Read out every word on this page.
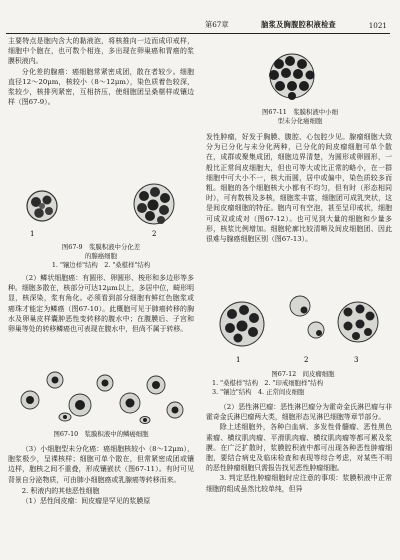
第67章	脑浆及胸腹腔积液检查	1021

主要特点是胞内含大的黏液泡，将核推向一边而成印戒样，细胞中个胞在，也可数个相连，多出现在卵巢癌和胃癌的浆膜积液内。

分化差的腺癌：癌细胞常紧密成团，散在者较少。细胞直径12～20μm，核较小（8～12μm），染色质着色较深，浆较少，核排列紧密，互相挤压，使细胞团呈桑椹样或镶边样（图67-9）。

1	2
图67-9　浆膜积液中分化差
的腺癌细胞
1. "镶边样"结构　2. "桑椹样"结构

（2）鳞状细胞癌：有圆形、卵圆形、梭形和多边形等多种。细胞多散在，核部分可达12μm以上，多居中位，畸形明显，核深染，浆有角化。必须看到部分细胞有鲜红色胞浆或癌珠才能定为鳞癌（图67-10）。此概胞可见于肺癌转移的胸水及卵巢皮样囊肿恶性变转移的腹水中；在腹膜后、子宫和卵巢等处的转移鳞癌也可表现在腹水中，但尚不属于转移。

图67-10　浆膜积液中的鳞癌细胞

（3）小细胞型未分化癌：癌细胞核较小（8～12μm），胞浆极少，呈裸核样；细胞可单个散在，但常紧密成团或镶边样，胞核之间不重叠，形成镶嵌状（图67-11）。有时可见背景自分泌物质，可由肺小细胞癌或乳腺癌等转移而来。

2. 积液内的其他恶性细胞

（1）恶性间皮瘤：间皮瘤是罕见的浆膜原

图67-11　浆膜积液中小细
型未分化癌细胞

发性肿瘤，好发于胸膜、腹腔、心包腔少见。腺瘤细胞大致分为已分化与未分化两种，已分化的间皮瘤细胞可单个散在，成群或聚集成团，细胞边界清楚，为圆形或卵圆形，一般比正常间皮细胞大，但也可等大或比正常的略小，在一群细胞中可大小不一，核大而圆，居中或偏中，染色质较多而粗。细胞的各个细胞核大小都有不均匀，但有时（形态相同时），可有数核及多核，细胞浆丰富，细胞团可成乳突状，这是间皮瘤细胞的特征。胞内可有空泡，甚至呈印戒状，细胞可成双或成对（图67-12）。也可见到大量的细胞和少量多形，核浆比例增加。细胞轮廓比较清晰及间皮细胞团、因此很难与腺癌细胞区别（图67-13）。

1	2	3
图67-12　间皮瘤细胞
1. "桑椹样"结构　2. "印戒细胞样"结构
3. "镶边"结构　4. 正常间皮细胞

（2）恶性淋巴瘤：恶性淋巴瘤分为霍奇金氏淋巴瘤与非霍奇金氏淋巴瘤两大类，细胞形态见淋巴细胞等章节部分。

除上述细胞外，各种白血病、多发性骨髓瘤、恶性黑色素瘤、横纹肌肉瘤、平滑肌肉瘤、横纹肌肉瘤等都可累及浆膜。在广泛扩散时，浆膜腔积液中都可出现各种恶性肿瘤细胞，要结合病史及临床检查和表现等综合考虑，对某些不明的恶性肿瘤细胞只需报告找见恶性肿瘤细胞。

3. 判定恶性肿瘤细胞时应注意的事项：浆膜积液中正常细胞的组成虽然比较单纯，但异
